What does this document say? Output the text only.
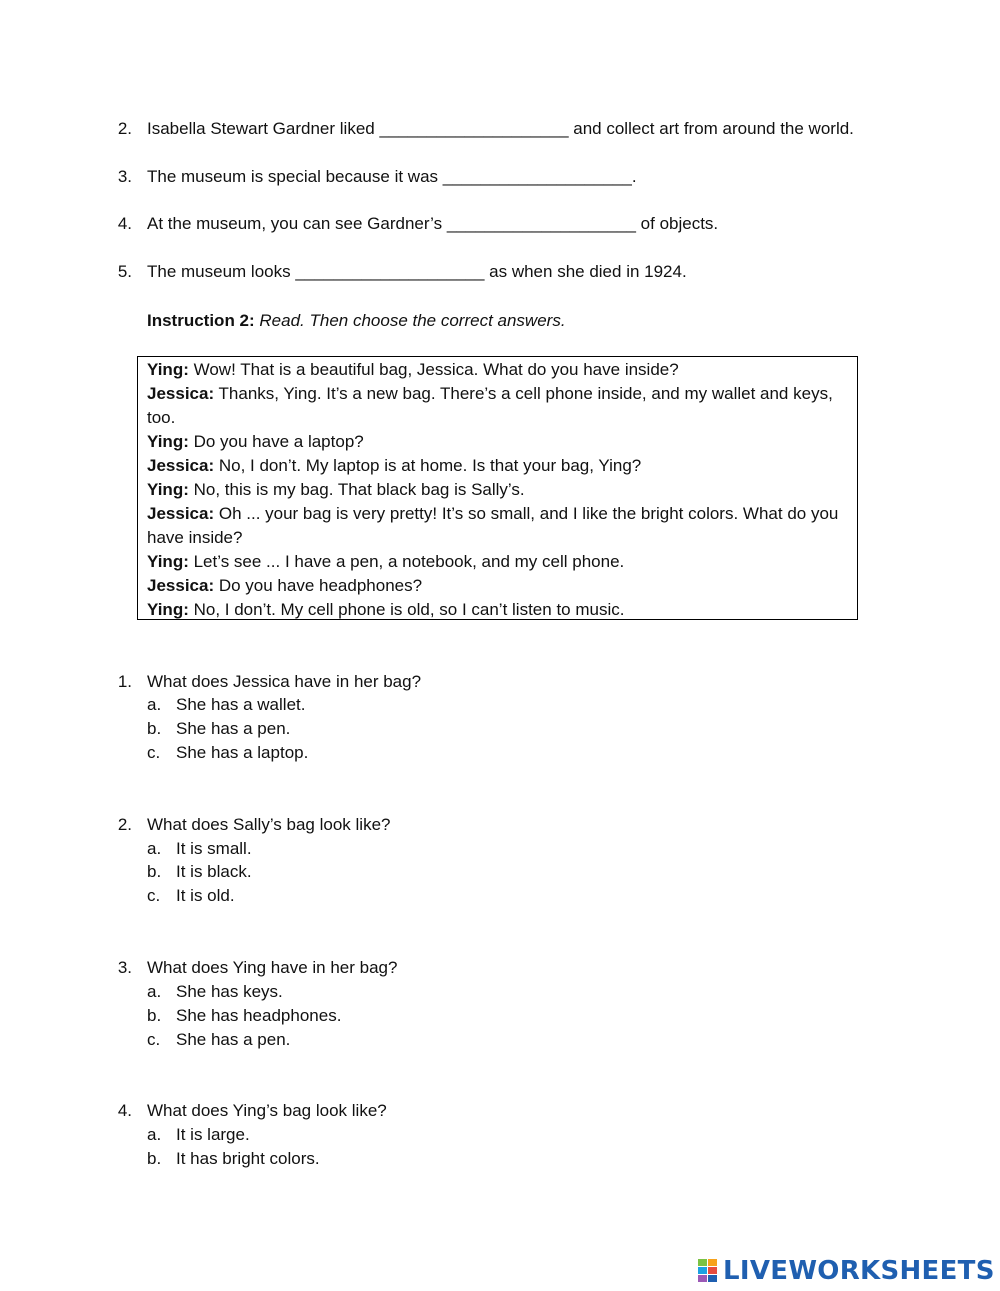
2. Isabella Stewart Gardner liked ____________________ and collect art from around the world.
3. The museum is special because it was ____________________.
4. At the museum, you can see Gardner’s ____________________ of objects.
5. The museum looks ____________________ as when she died in 1924.
Instruction 2: Read. Then choose the correct answers.
Ying: Wow! That is a beautiful bag, Jessica. What do you have inside?
Jessica: Thanks, Ying. It’s a new bag. There’s a cell phone inside, and my wallet and keys, too.
Ying: Do you have a laptop?
Jessica: No, I don’t. My laptop is at home. Is that your bag, Ying?
Ying: No, this is my bag. That black bag is Sally’s.
Jessica: Oh ... your bag is very pretty! It’s so small, and I like the bright colors. What do you have inside?
Ying: Let’s see ... I have a pen, a notebook, and my cell phone.
Jessica: Do you have headphones?
Ying: No, I don’t. My cell phone is old, so I can’t listen to music.
1. What does Jessica have in her bag?
a. She has a wallet.
b. She has a pen.
c. She has a laptop.
2. What does Sally’s bag look like?
a. It is small.
b. It is black.
c. It is old.
3. What does Ying have in her bag?
a. She has keys.
b. She has headphones.
c. She has a pen.
4. What does Ying’s bag look like?
a. It is large.
b. It has bright colors.
LIVEWORKSHEETS
